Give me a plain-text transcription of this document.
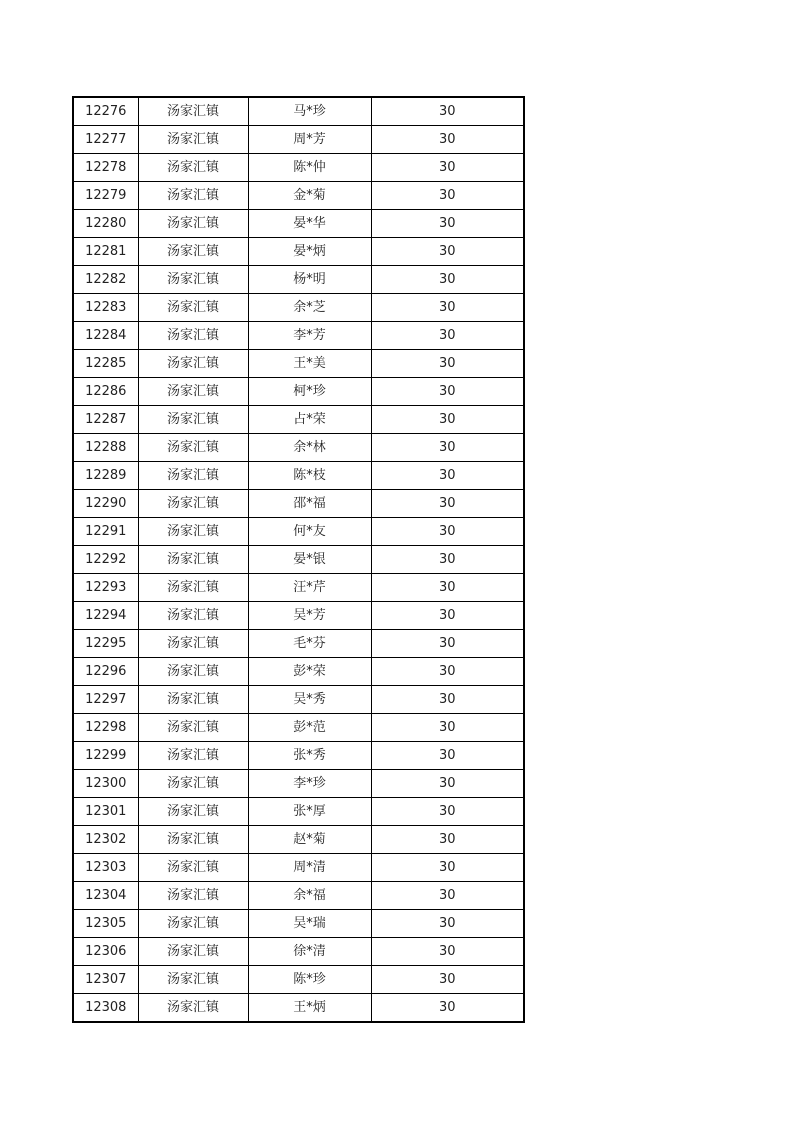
12276	汤家汇镇	马*珍	30
12277	汤家汇镇	周*芳	30
12278	汤家汇镇	陈*仲	30
12279	汤家汇镇	金*菊	30
12280	汤家汇镇	晏*华	30
12281	汤家汇镇	晏*炳	30
12282	汤家汇镇	杨*明	30
12283	汤家汇镇	余*芝	30
12284	汤家汇镇	李*芳	30
12285	汤家汇镇	王*美	30
12286	汤家汇镇	柯*珍	30
12287	汤家汇镇	占*荣	30
12288	汤家汇镇	余*林	30
12289	汤家汇镇	陈*枝	30
12290	汤家汇镇	邵*福	30
12291	汤家汇镇	何*友	30
12292	汤家汇镇	晏*银	30
12293	汤家汇镇	汪*芹	30
12294	汤家汇镇	吴*芳	30
12295	汤家汇镇	毛*芬	30
12296	汤家汇镇	彭*荣	30
12297	汤家汇镇	吴*秀	30
12298	汤家汇镇	彭*范	30
12299	汤家汇镇	张*秀	30
12300	汤家汇镇	李*珍	30
12301	汤家汇镇	张*厚	30
12302	汤家汇镇	赵*菊	30
12303	汤家汇镇	周*清	30
12304	汤家汇镇	余*福	30
12305	汤家汇镇	吴*瑞	30
12306	汤家汇镇	徐*清	30
12307	汤家汇镇	陈*珍	30
12308	汤家汇镇	王*炳	30
